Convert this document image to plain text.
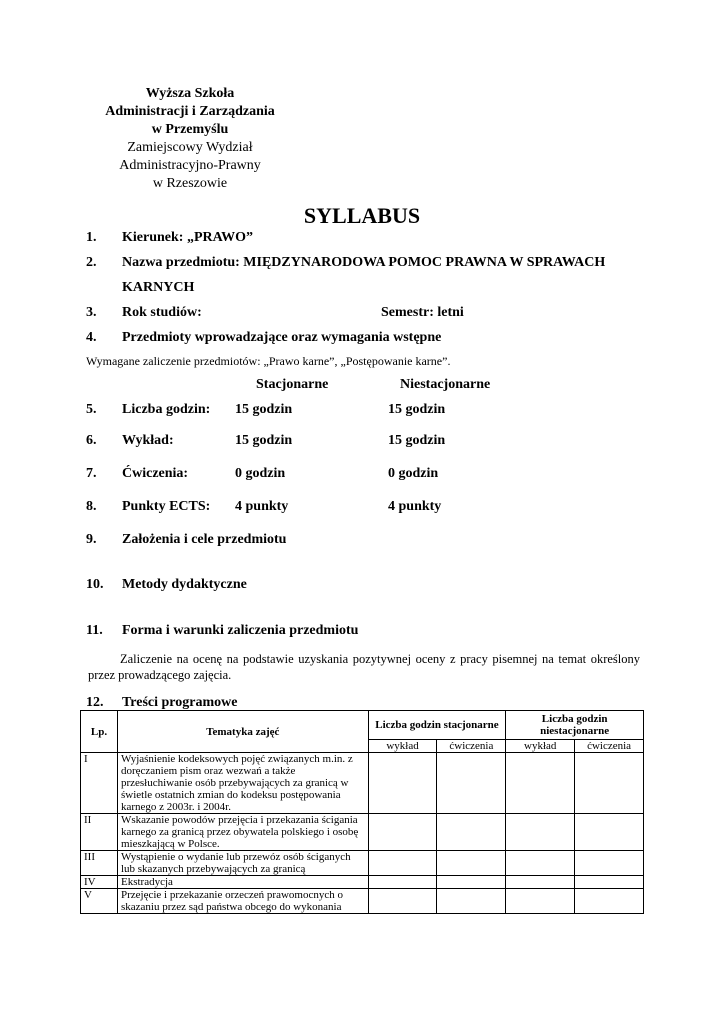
Wyższa Szkoła
Administracji i Zarządzania
w Przemyślu
Zamiejscowy Wydział
Administracyjno-Prawny
w Rzeszowie
SYLLABUS
1. Kierunek: „PRAWO”
2. Nazwa przedmiotu: MIĘDZYNARODOWA POMOC PRAWNA W SPRAWACH
KARNYCH
3. Rok studiów:	Semestr: letni
4. Przedmioty wprowadzające oraz wymagania wstępne
Wymagane zaliczenie przedmiotów: „Prawo karne”, „Postępowanie karne”.
Stacjonarne	Niestacjonarne
5. Liczba godzin: 15 godzin	15 godzin
6. Wykład:	15 godzin	15 godzin
7. Ćwiczenia:	0 godzin	0 godzin
8. Punkty ECTS: 4 punkty	4 punkty
9. Założenia i cele przedmiotu
10. Metody dydaktyczne
11. Forma i warunki zaliczenia przedmiotu
Zaliczenie na ocenę na podstawie uzyskania pozytywnej oceny z pracy pisemnej na temat określony przez prowadzącego zajęcia.
12. Treści programowe
Lp.	Tematyka zajęć	Liczba godzin stacjonarne		Liczba godzin niestacjonarne	
		wykład	ćwiczenia	wykład	ćwiczenia
I	Wyjaśnienie kodeksowych pojęć związanych m.in. z doręczaniem pism oraz wezwań a także przesłuchiwanie osób przebywających za granicą w świetle ostatnich zmian do kodeksu postępowania karnego z 2003r. i 2004r.				
II	Wskazanie powodów przejęcia i przekazania ścigania karnego za granicą przez obywatela polskiego i osobę mieszkającą w Polsce.				
III	Wystąpienie o wydanie lub przewóz osób ściganych lub skazanych przebywających za granicą				
IV	Ekstradycja				
V	Przejęcie i przekazanie orzeczeń prawomocnych o skazaniu przez sąd państwa obcego do wykonania				
